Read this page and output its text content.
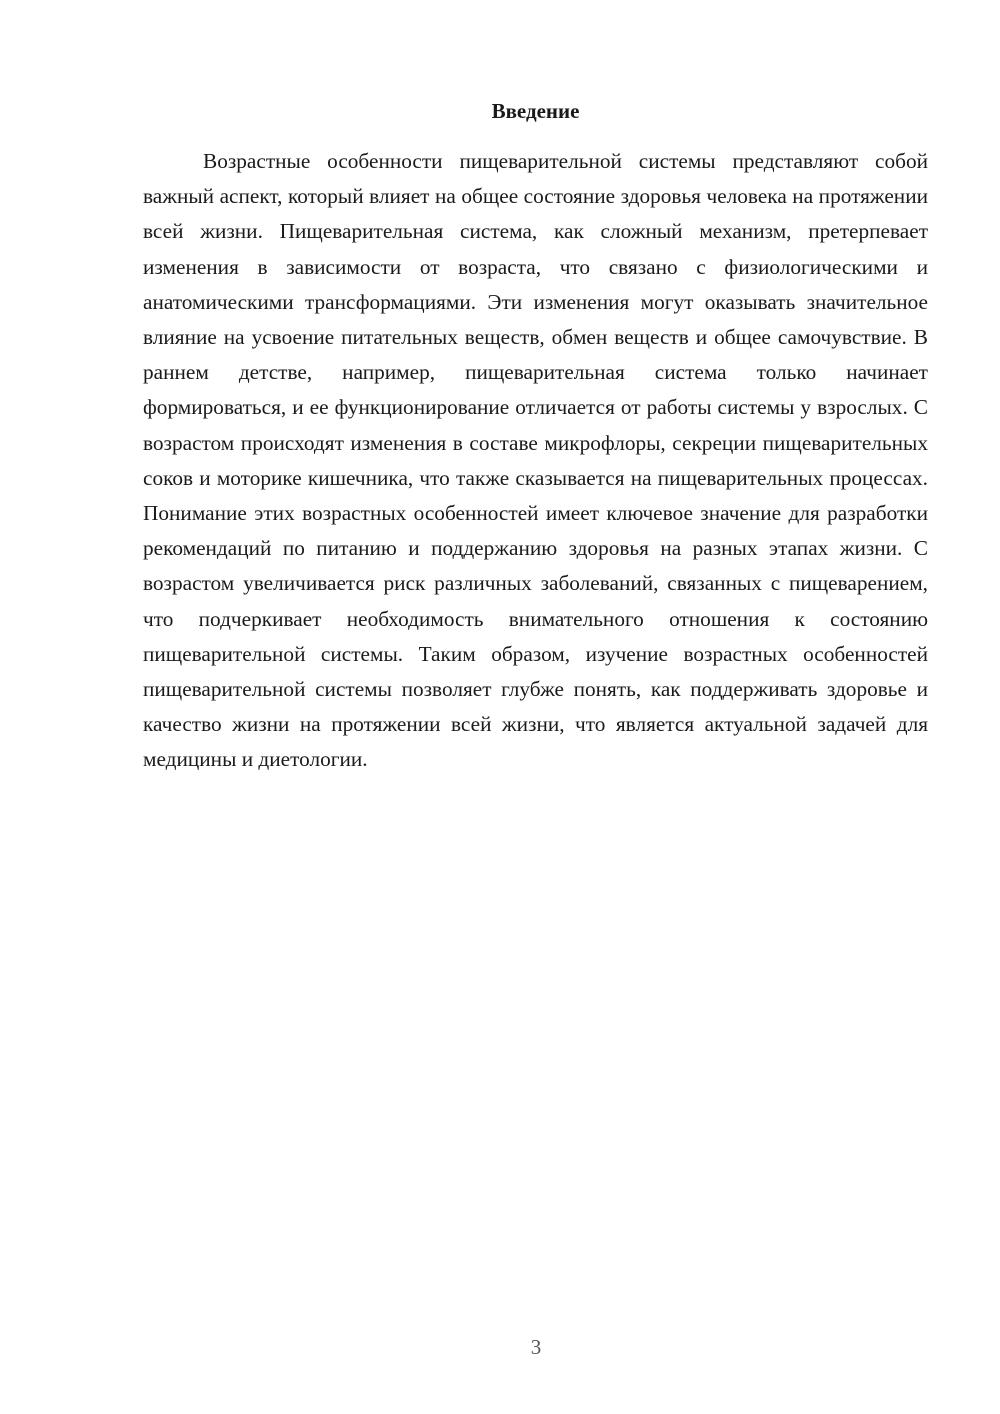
Введение

Возрастные особенности пищеварительной системы представляют собой важный аспект, который влияет на общее состояние здоровья человека на протяжении всей жизни. Пищеварительная система, как сложный механизм, претерпевает изменения в зависимости от возраста, что связано с физиологическими и анатомическими трансформациями. Эти изменения могут оказывать значительное влияние на усвоение питательных веществ, обмен веществ и общее самочувствие. В раннем детстве, например, пищеварительная система только начинает формироваться, и ее функционирование отличается от работы системы у взрослых. С возрастом происходят изменения в составе микрофлоры, секреции пищеварительных соков и моторике кишечника, что также сказывается на пищеварительных процессах. Понимание этих возрастных особенностей имеет ключевое значение для разработки рекомендаций по питанию и поддержанию здоровья на разных этапах жизни. С возрастом увеличивается риск различных заболеваний, связанных с пищеварением, что подчеркивает необходимость внимательного отношения к состоянию пищеварительной системы. Таким образом, изучение возрастных особенностей пищеварительной системы позволяет глубже понять, как поддерживать здоровье и качество жизни на протяжении всей жизни, что является актуальной задачей для медицины и диетологии.

3
